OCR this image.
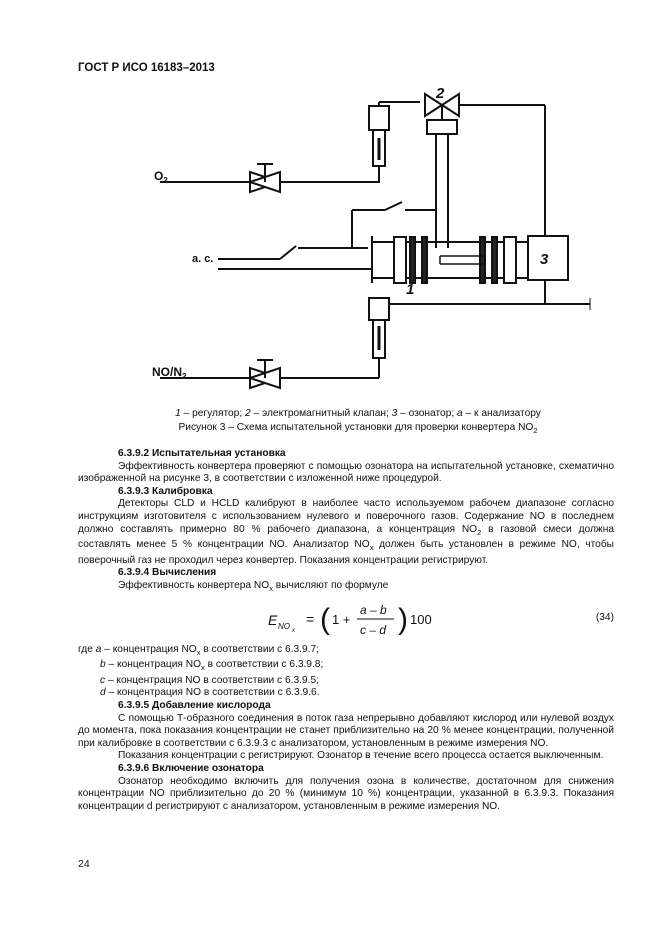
ГОСТ Р ИСО 16183–2013
$O_2$
a. c.
$NO/N_2$
2
1
3
1 – регулятор; 2 – электромагнитный клапан; 3 – озонатор; a – к анализатору
Рисунок 3 – Схема испытательной установки для проверки конвертера $NO_2$
6.3.9.2 Испытательная установка

Эффективность конвертера проверяют с помощью озонатора на испытательной установке, схематично изображенной на рисунке 3, в соответствии с изложенной ниже процедурой.

6.3.9.3 Калибровка

Детекторы CLD и HCLD калибруют в наиболее часто используемом рабочем диапазоне согласно инструкциям изготовителя с использованием нулевого и поверочного газов. Содержание NO в последнем должно составлять примерно 80 % рабочего диапазона, а концентрация $NO_2$ в газовой смеси должна составлять менее 5 % концентрации NO. Анализатор $NO_x$ должен быть установлен в режиме NO, чтобы поверочный газ не проходил через конвертер. Показания концентрации регистрируют.

6.3.9.4 Вычисления

Эффективность конвертера $NO_x$ вычисляют по формуле

E NO x
= ( 1 +
a – b
c – d ) 100	(34)

где a – концентрация $NO_x$ в соответствии с 6.3.9.7;

b – концентрация $NO_x$ в соответствии с 6.3.9.8;

c – концентрация NO в соответствии с 6.3.9.5;

d – концентрация NO в соответствии с 6.3.9.6.

6.3.9.5 Добавление кислорода

С помощью Т-образного соединения в поток газа непрерывно добавляют кислород или нулевой воздух до момента, пока показания концентрации не станет приблизительно на 20 % менее концентрации, полученной при калибровке в соответствии с 6.3.9.3 с анализатором, установленным в режиме измерения NO.

Показания концентрации с регистрируют. Озонатор в течение всего процесса остается выключенным.

6.3.9.6 Включение озонатора

Озонатор необходимо включить для получения озона в количестве, достаточном для снижения концентрации NO приблизительно до 20 % (минимум 10 %) концентрации, указанной в 6.3.9.3. Показания концентрации d регистрируют с анализатором, установленным в режиме измерения NO.

24
